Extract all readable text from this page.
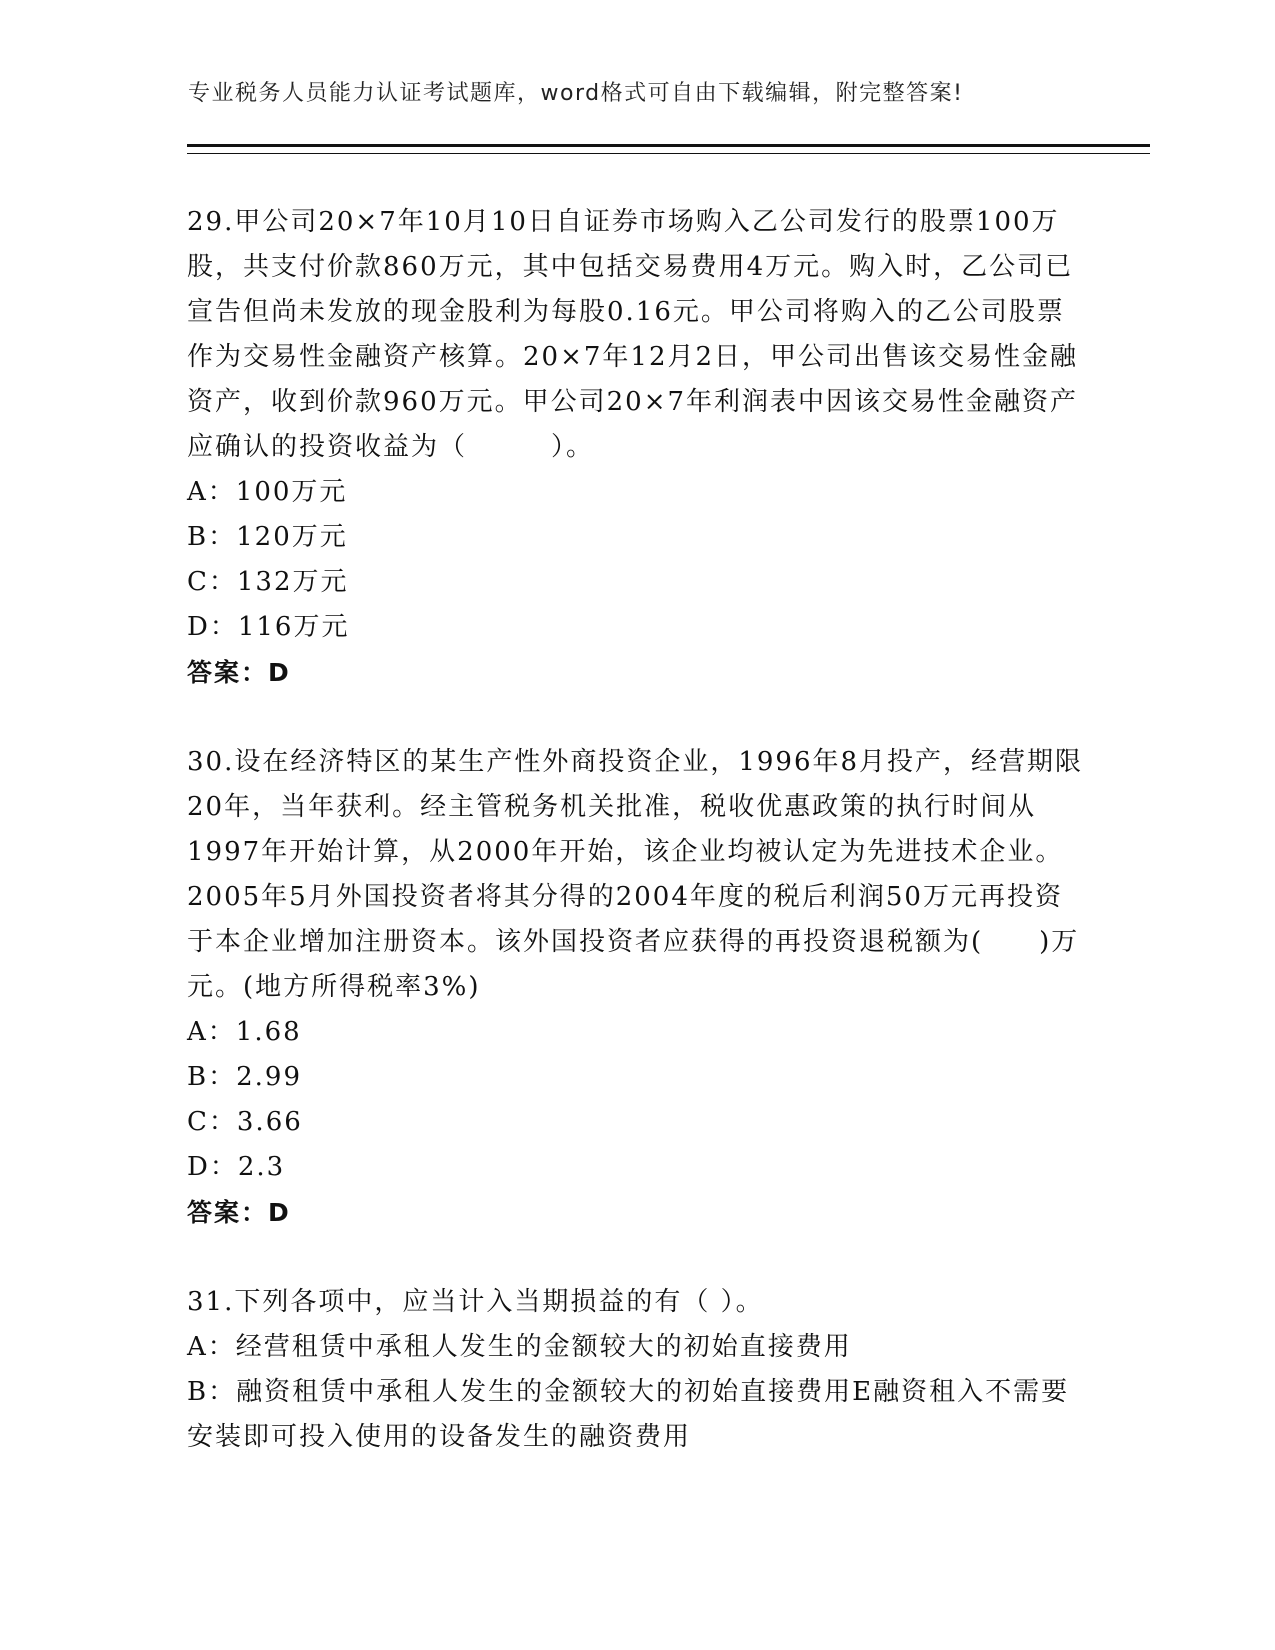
专业税务人员能力认证考试题库，word格式可自由下载编辑，附完整答案!

29.甲公司20×7年10月10日自证券市场购入乙公司发行的股票100万股，共支付价款860万元，其中包括交易费用4万元。购入时，乙公司已宣告但尚未发放的现金股利为每股0.16元。甲公司将购入的乙公司股票作为交易性金融资产核算。20×7年12月2日，甲公司出售该交易性金融资产，收到价款960万元。甲公司20×7年利润表中因该交易性金融资产应确认的投资收益为（　　　）。

A：100万元

B：120万元

C：132万元

D：116万元

答案：D

30.设在经济特区的某生产性外商投资企业，1996年8月投产，经营期限20年，当年获利。经主管税务机关批准，税收优惠政策的执行时间从1997年开始计算，从2000年开始，该企业均被认定为先进技术企业。2005年5月外国投资者将其分得的2004年度的税后利润50万元再投资于本企业增加注册资本。该外国投资者应获得的再投资退税额为(　　)万元。(地方所得税率3%)

A：1.68

B：2.99

C：3.66

D：2.3

答案：D

31.下列各项中，应当计入当期损益的有（ ）。

A：经营租赁中承租人发生的金额较大的初始直接费用

B：融资租赁中承租人发生的金额较大的初始直接费用E融资租入不需要安装即可投入使用的设备发生的融资费用
